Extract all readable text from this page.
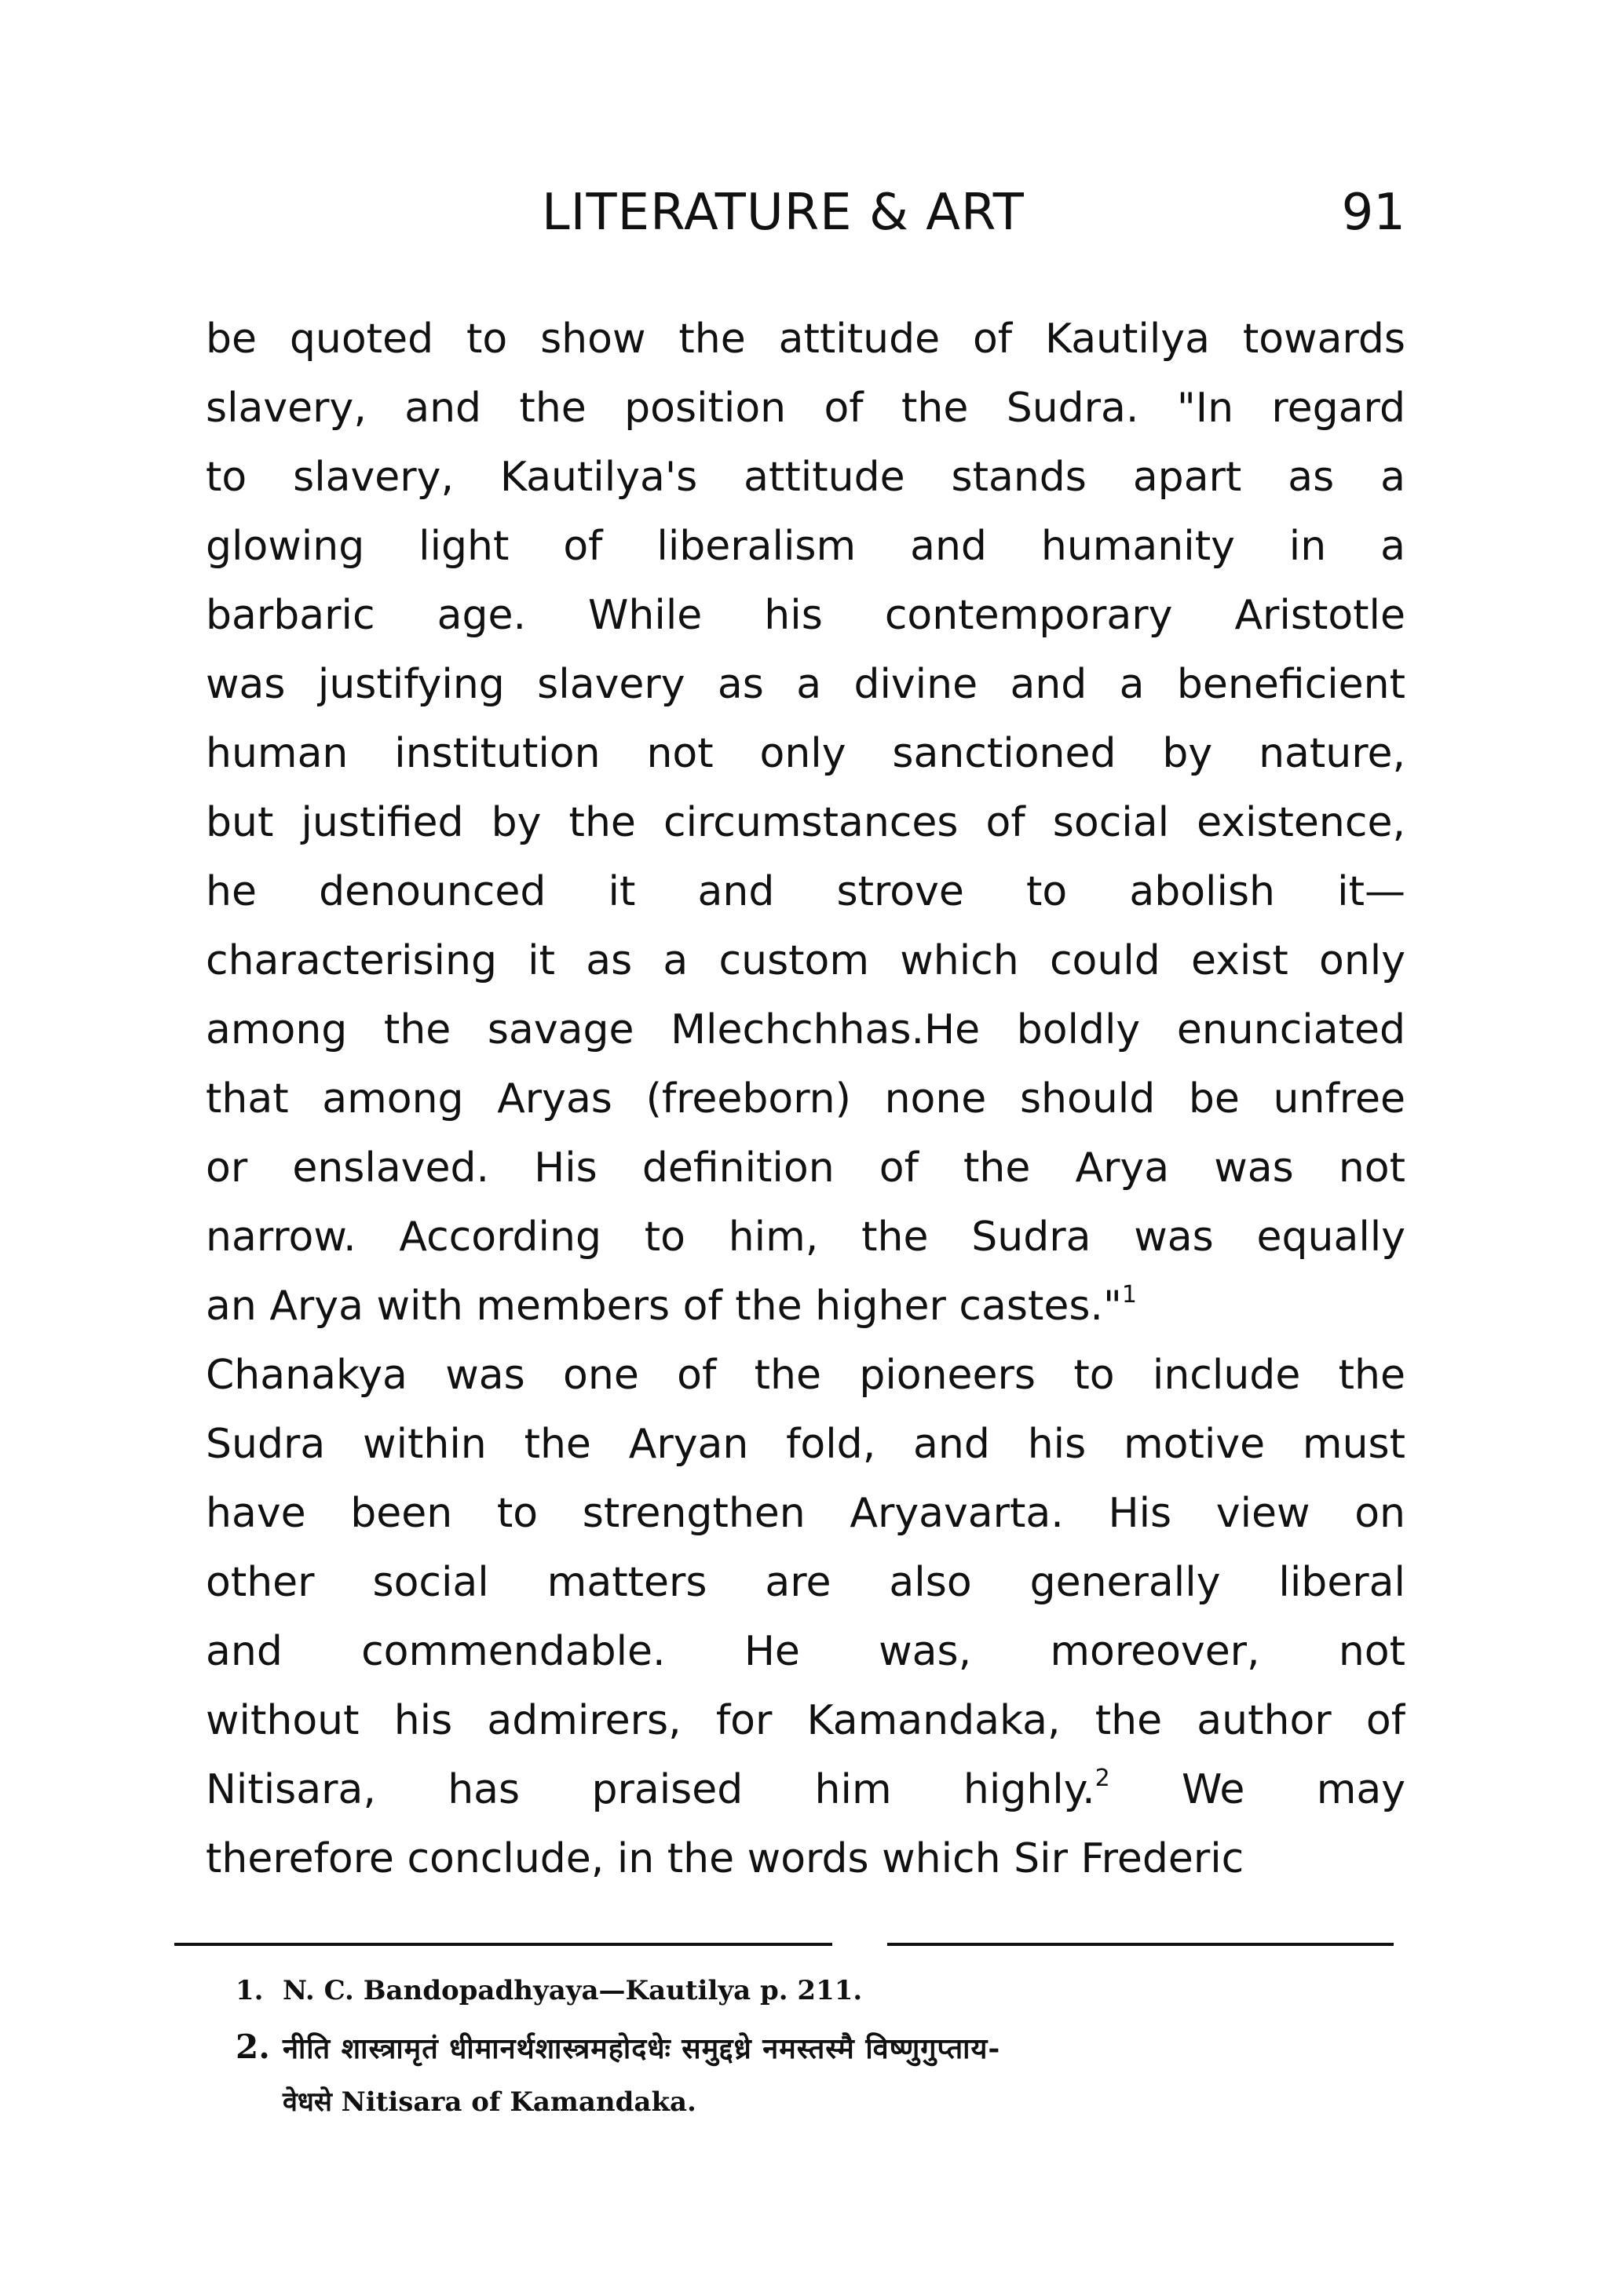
LITERATURE & ART	91
be quoted to show the attitude of Kautilya towards
slavery, and the position of the Sudra. "In regard
to slavery, Kautilya's attitude stands apart as a
glowing light of liberalism and humanity in a
barbaric age. While his contemporary Aristotle
was justifying slavery as a divine and a beneficient
human institution not only sanctioned by nature,
but justified by the circumstances of social existence,
he denounced it and strove to abolish it—
characterising it as a custom which could exist only
among the savage Mlechchhas.He boldly enunciated
that among Aryas (freeborn) none should be unfree
or enslaved. His definition of the Arya was not
narrow. According to him, the Sudra was equally
an Arya with members of the higher castes."$^1$
Chanakya was one of the pioneers to include the
Sudra within the Aryan fold, and his motive must
have been to strengthen Aryavarta. His view on
other social matters are also generally liberal
and commendable. He was, moreover, not
without his admirers, for Kamandaka, the author of
Nitisara, has praised him highly.$^2$ We may
therefore conclude, in the words which Sir Frederic
1. N. C. Bandopadhyaya—Kautilya p. 211.
2. नीति शास्त्रामृतं धीमानर्थशास्त्रमहोदधेः समुद्दध्रे नमस्तस्मै विष्णुगुप्ताय-
वेधसे Nitisara of Kamandaka.
